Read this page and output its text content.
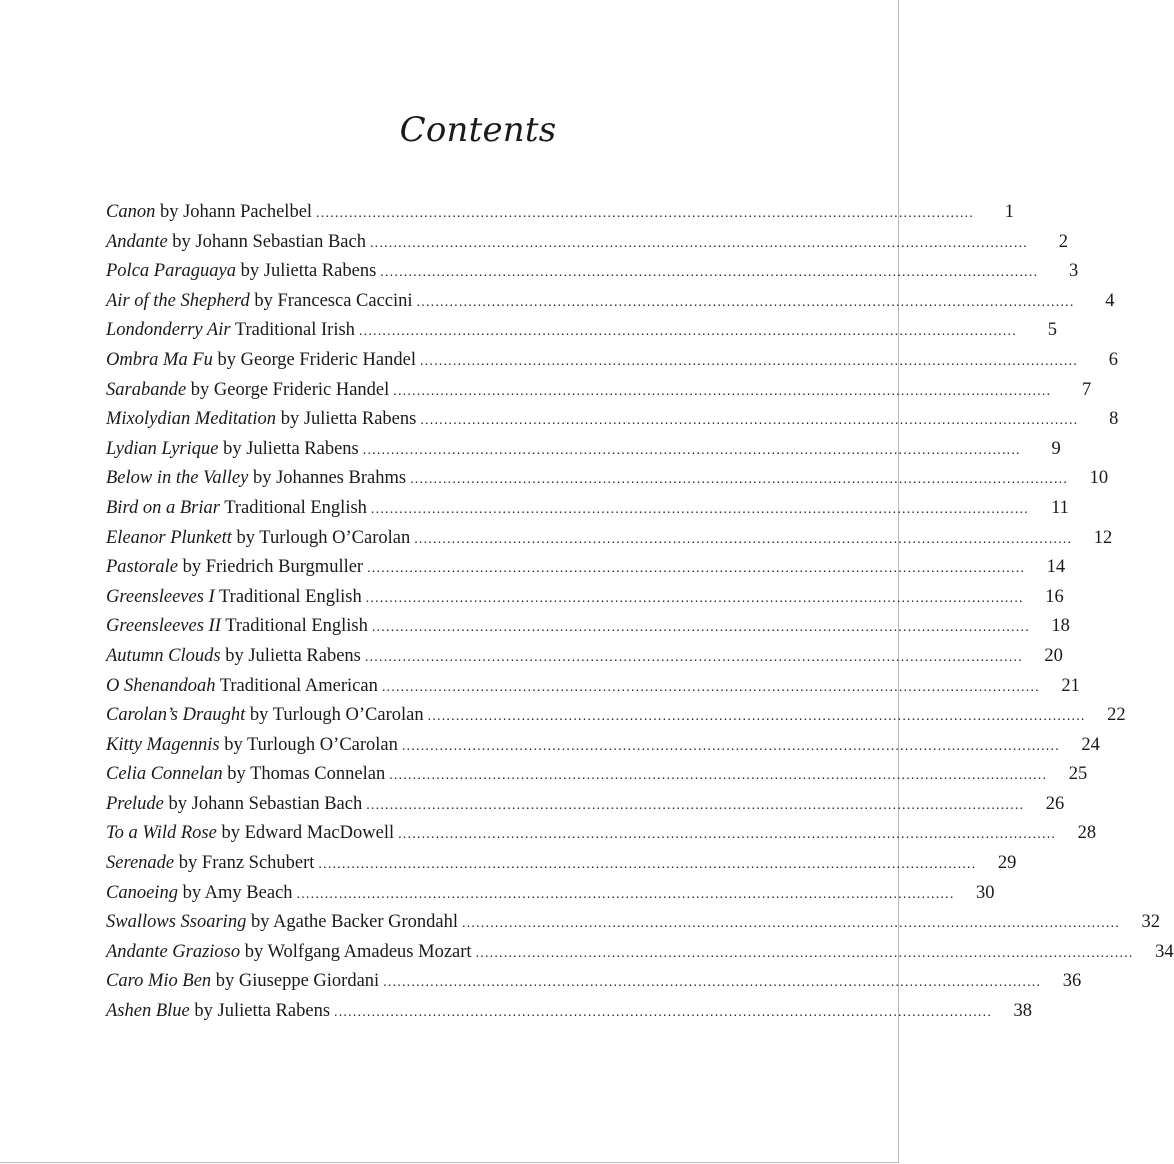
Contents
Canon by Johann Pachelbel .....	1
Andante by Johann Sebastian Bach .....	2
Polca Paraguaya by Julietta Rabens .....	3
Air of the Shepherd by Francesca Caccini .....	4
Londonderry Air Traditional Irish .....	5
Ombra Ma Fu by George Frideric Handel .....	6
Sarabande by George Frideric Handel .....	7
Mixolydian Meditation by Julietta Rabens .....	8
Lydian Lyrique by Julietta Rabens .....	9
Below in the Valley by Johannes Brahms .....	10
Bird on a Briar Traditional English .....	11
Eleanor Plunkett by Turlough O’Carolan .....	12
Pastorale by Friedrich Burgmuller .....	14
Greensleeves I Traditional English .....	16
Greensleeves II Traditional English .....	18
Autumn Clouds by Julietta Rabens .....	20
O Shenandoah Traditional American .....	21
Carolan’s Draught by Turlough O’Carolan .....	22
Kitty Magennis by Turlough O’Carolan .....	24
Celia Connelan by Thomas Connelan .....	25
Prelude by Johann Sebastian Bach .....	26
To a Wild Rose by Edward MacDowell .....	28
Serenade by Franz Schubert .....	29
Canoeing by Amy Beach .....	30
Swallows Ssoaring by Agathe Backer Grondahl .....	32
Andante Grazioso by Wolfgang Amadeus Mozart .....	34
Caro Mio Ben by Giuseppe Giordani .....	36
Ashen Blue by Julietta Rabens .....	38
